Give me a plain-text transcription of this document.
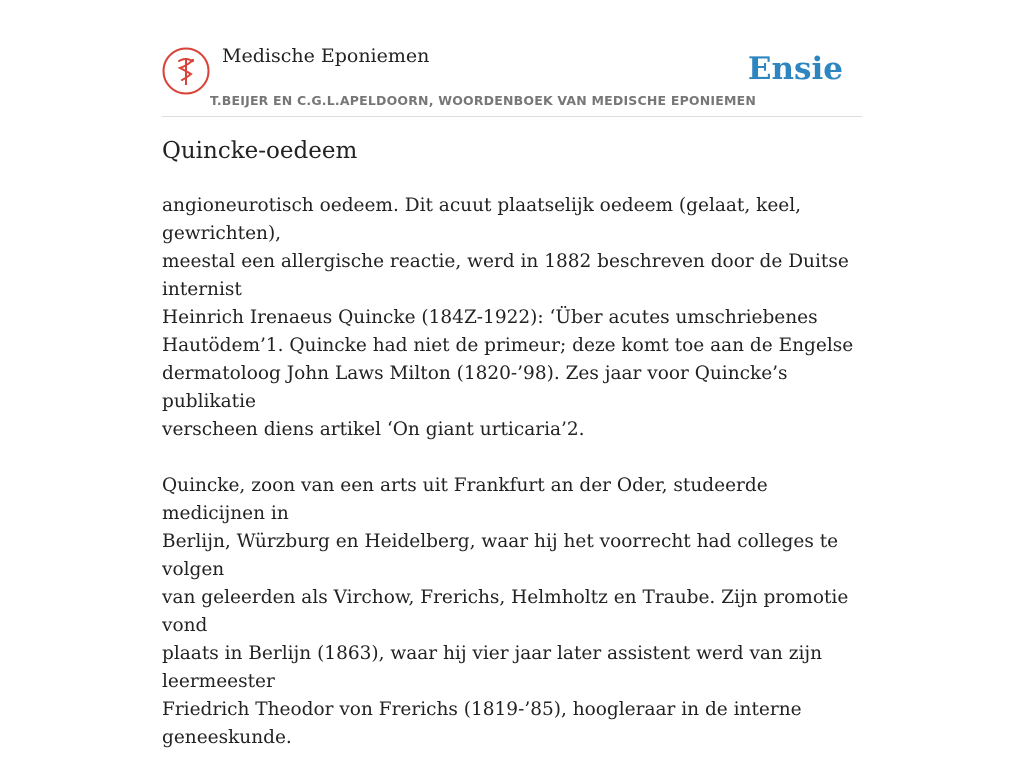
Medische Eponiemen
T.BEIJER EN C.G.L.APELDOORN, WOORDENBOEK VAN MEDISCHE EPONIEMEN
Ensie
Quincke-oedeem

angioneurotisch oedeem. Dit acuut plaatselijk oedeem (gelaat, keel, gewrichten),
meestal een allergische reactie, werd in 1882 beschreven door de Duitse internist
Heinrich Irenaeus Quincke (184Z-1922): ‘Über acutes umschriebenes
Hautödem’1. Quincke had niet de primeur; deze komt toe aan de Engelse
dermatoloog John Laws Milton (1820-’98). Zes jaar voor Quincke’s publikatie
verscheen diens artikel ‘On giant urticaria’2.

Quincke, zoon van een arts uit Frankfurt an der Oder, studeerde medicijnen in
Berlijn, Würzburg en Heidelberg, waar hij het voorrecht had colleges te volgen
van geleerden als Virchow, Frerichs, Helmholtz en Traube. Zijn promotie vond
plaats in Berlijn (1863), waar hij vier jaar later assistent werd van zijn leermeester
Friedrich Theodor von Frerichs (1819-’85), hoogleraar in de interne geneeskunde.
